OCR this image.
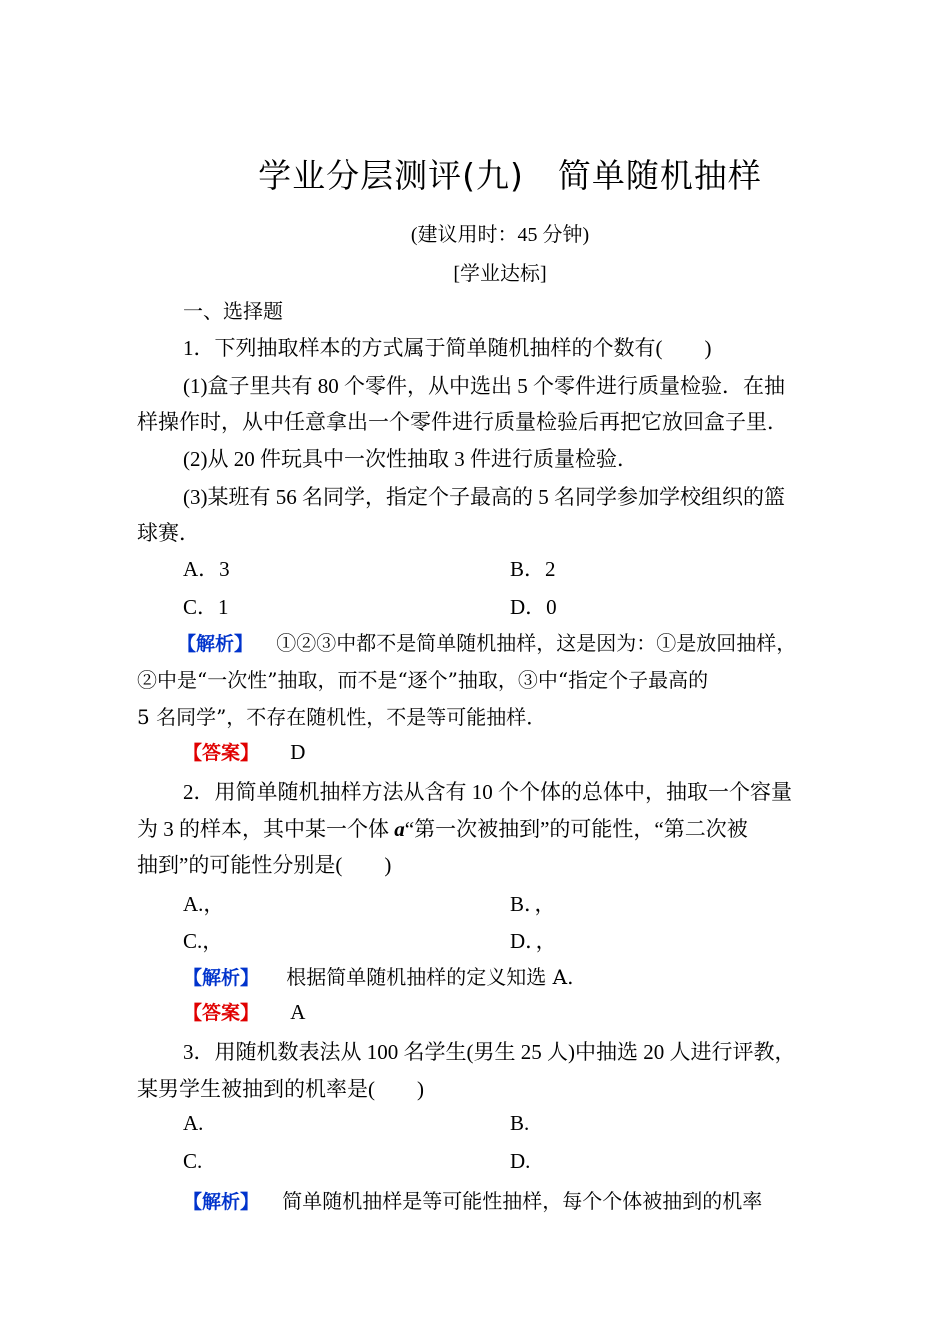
学业分层测评(九)　简单随机抽样
(建议用时：45 分钟)
[学业达标]
一、选择题
1．下列抽取样本的方式属于简单随机抽样的个数有(　　)
(1)盒子里共有 80 个零件，从中选出 5 个零件进行质量检验．在抽
样操作时，从中任意拿出一个零件进行质量检验后再把它放回盒子里．
(2)从 20 件玩具中一次性抽取 3 件进行质量检验．
(3)某班有 56 名同学，指定个子最高的 5 名同学参加学校组织的篮
球赛．
A．3	B．2
C．1	D．0
【解析】 ①②③中都不是简单随机抽样，这是因为：①是放回抽样，
②中是“一次性”抽取，而不是“逐个”抽取，③中“指定个子最高的
5 名同学”，不存在随机性，不是等可能抽样．
【答案】 D
2．用简单随机抽样方法从含有 10 个个体的总体中，抽取一个容量
为 3 的样本，其中某一个体 a“第一次被抽到”的可能性，“第二次被
抽到”的可能性分别是(　　)
A.，	B．，
C.，	D．，
【解析】 根据简单随机抽样的定义知选 A.
【答案】 A
3．用随机数表法从 100 名学生(男生 25 人)中抽选 20 人进行评教，
某男学生被抽到的机率是(　　)
A.	B.
C.	D.
【解析】 简单随机抽样是等可能性抽样，每个个体被抽到的机率
